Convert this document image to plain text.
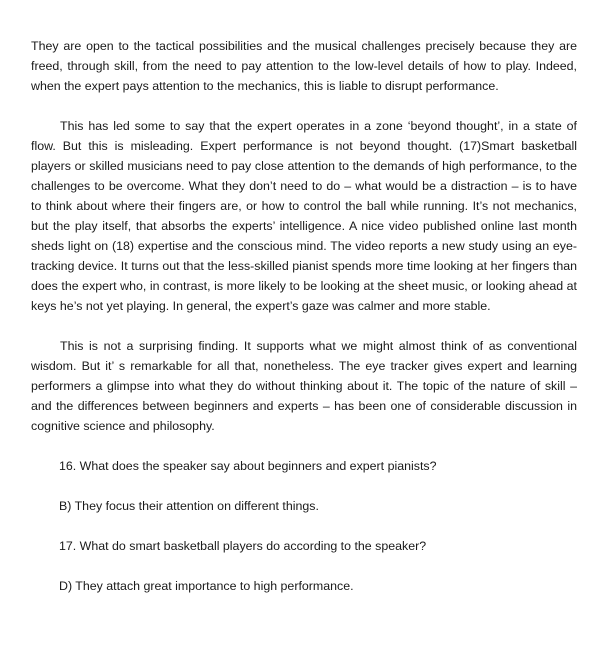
They are open to the tactical possibilities and the musical challenges precisely because they are freed, through skill, from the need to pay attention to the low-level details of how to play. Indeed, when the expert pays attention to the mechanics, this is liable to disrupt performance.

This has led some to say that the expert operates in a zone ‘beyond thought’, in a state of flow. But this is misleading. Expert performance is not beyond thought. (17)Smart basketball players or skilled musicians need to pay close attention to the demands of high performance, to the challenges to be overcome. What they don’t need to do – what would be a distraction – is to have to think about where their fingers are, or how to control the ball while running. It’s not mechanics, but the play itself, that absorbs the experts’ intelligence. A nice video published online last month sheds light on (18) expertise and the conscious mind. The video reports a new study using an eye-tracking device. It turns out that the less-skilled pianist spends more time looking at her fingers than does the expert who, in contrast, is more likely to be looking at the sheet music, or looking ahead at keys he’s not yet playing. In general, the expert’s gaze was calmer and more stable.

This is not a surprising finding. It supports what we might almost think of as conventional wisdom. But it’ s remarkable for all that, nonetheless. The eye tracker gives expert and learning performers a glimpse into what they do without thinking about it. The topic of the nature of skill – and the differences between beginners and experts – has been one of considerable discussion in cognitive science and philosophy.

16. What does the speaker say about beginners and expert pianists?

B) They focus their attention on different things.

17. What do smart basketball players do according to the speaker?

D) They attach great importance to high performance.
